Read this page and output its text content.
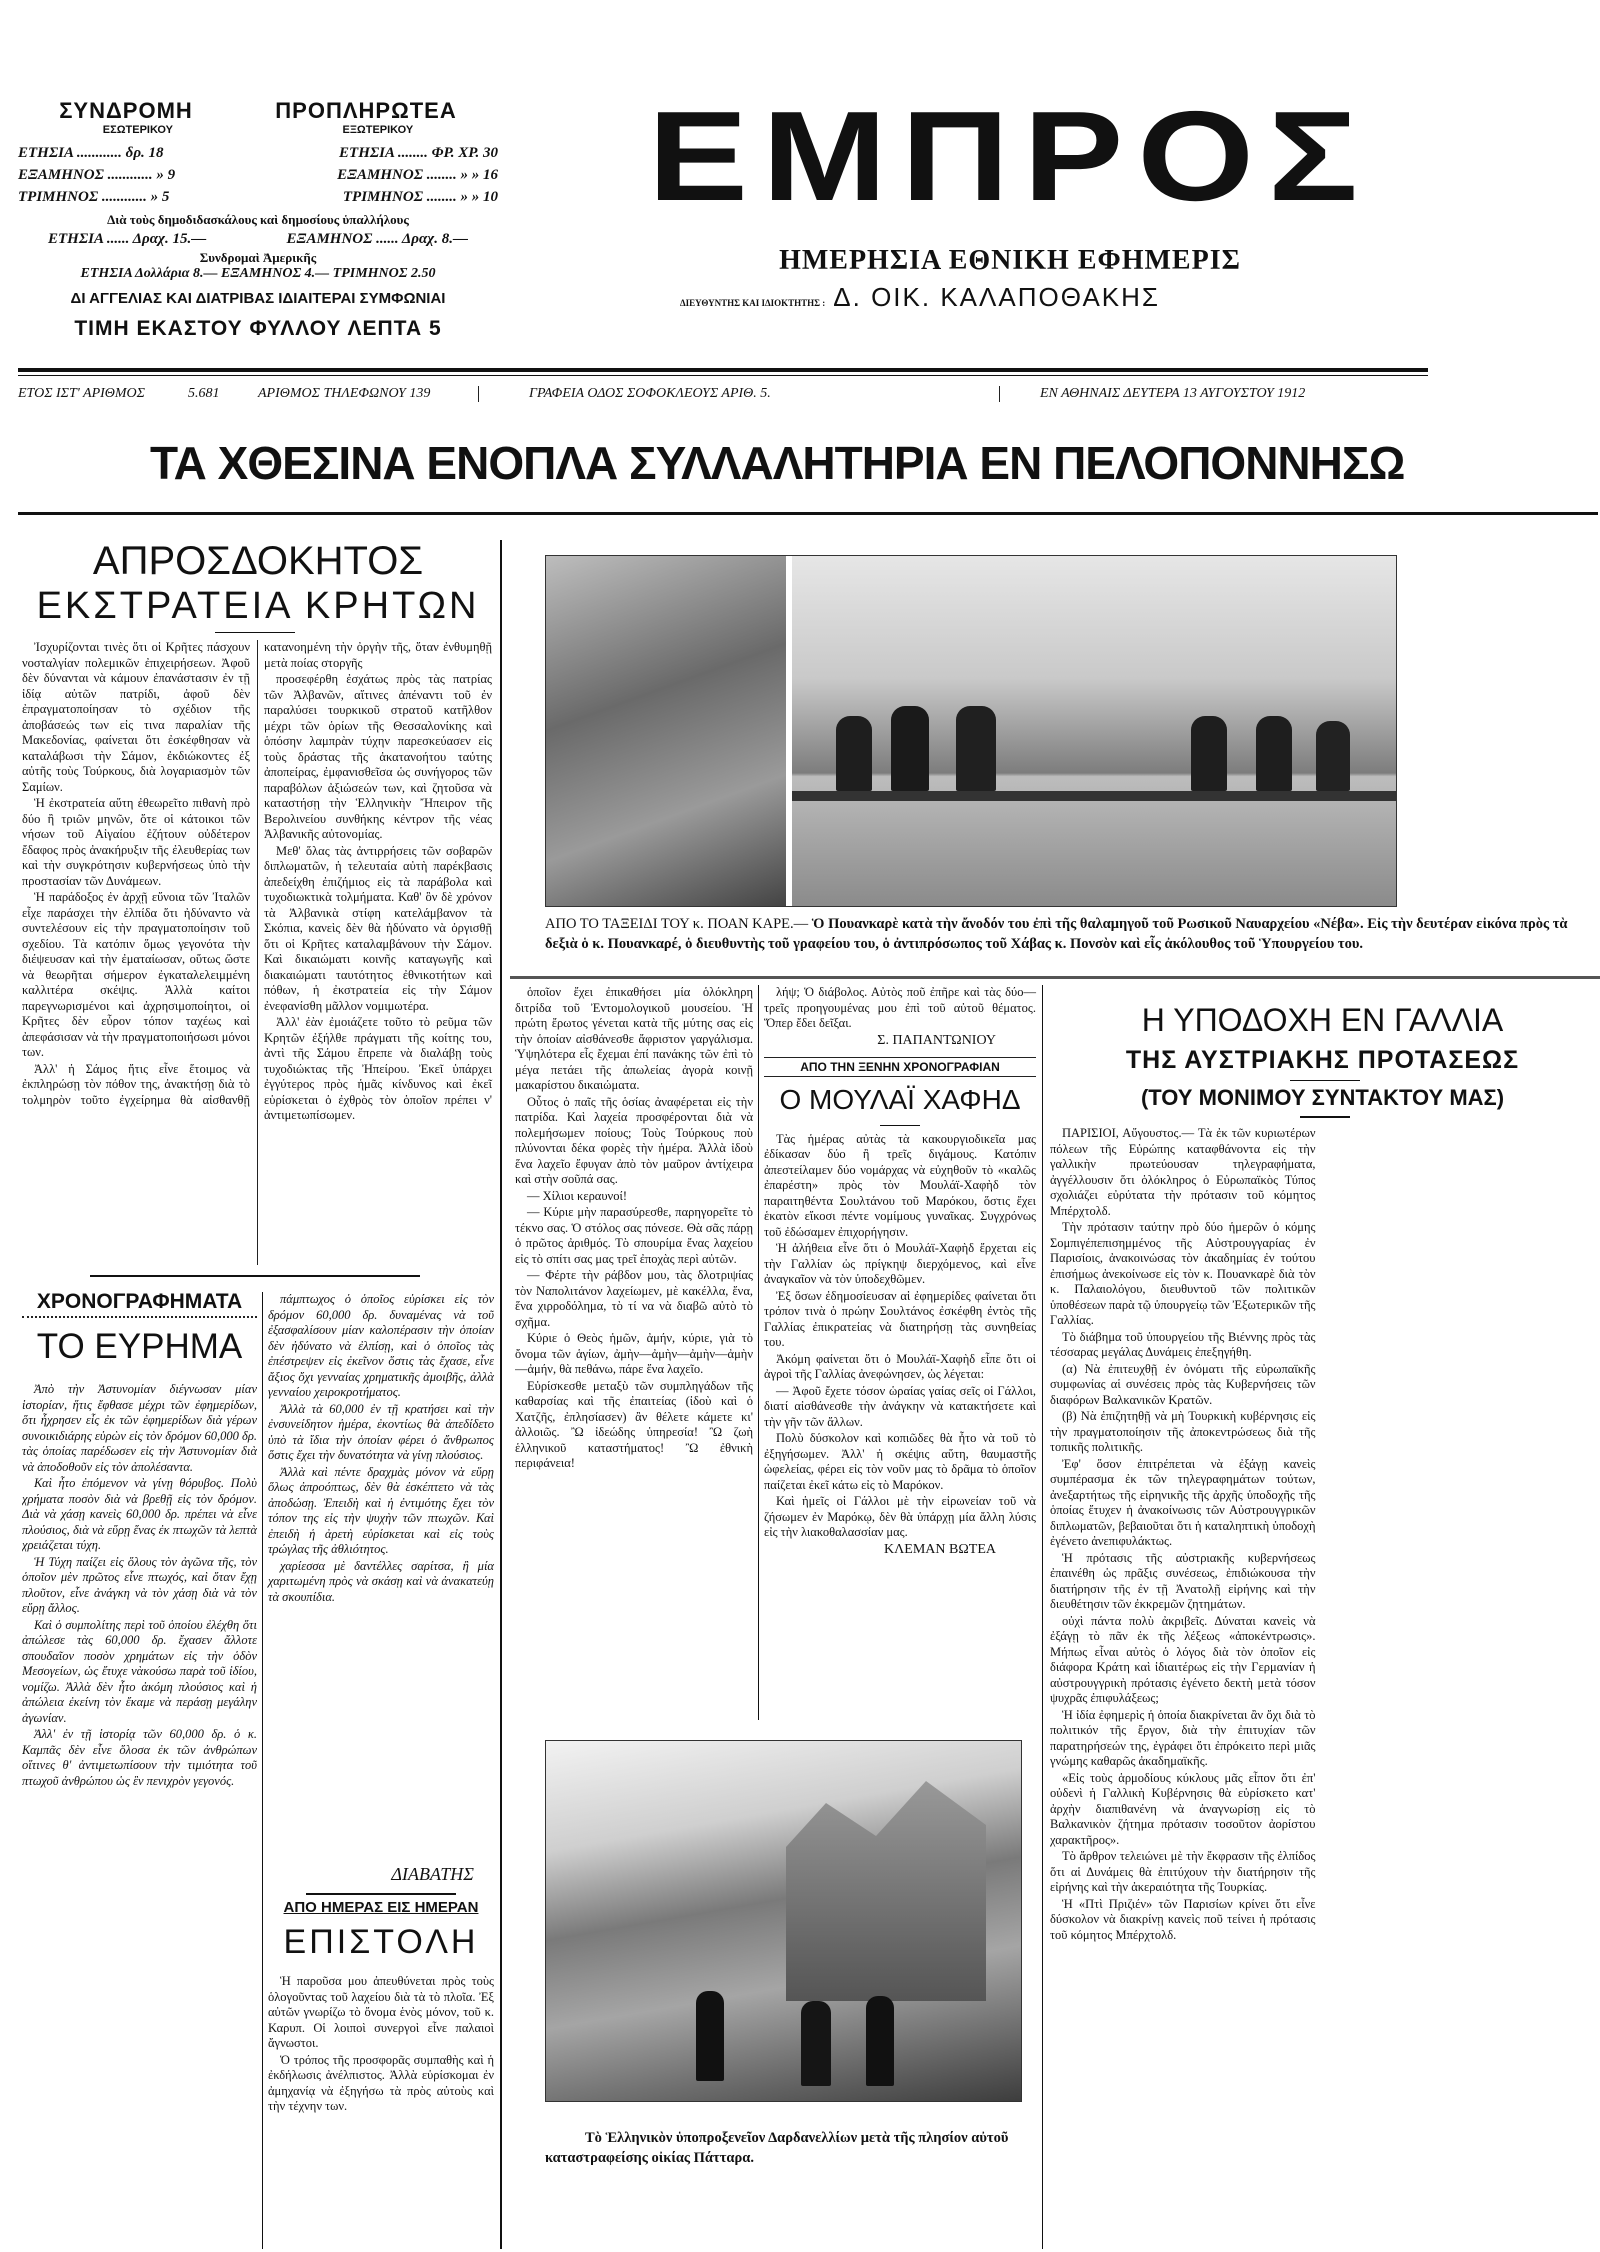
ΣΥΝΔΡΟΜΗ	ΠΡΟΠΛΗΡΩΤΕΑ
ΕΣΩΤΕΡΙΚΟΥ	ΕΞΩΤΕΡΙΚΟΥ
ΕΤΗΣΙΑ ............ δρ. 18	ΕΤΗΣΙΑ ........ ΦΡ. ΧΡ. 30
ΕΞΑΜΗΝΟΣ ............ » 9	ΕΞΑΜΗΝΟΣ ........ » » 16
ΤΡΙΜΗΝΟΣ ............ » 5	ΤΡΙΜΗΝΟΣ ........ » » 10
Διὰ τοὺς δημοδιδασκάλους καὶ δημοσίους ὑπαλλήλους
ΕΤΗΣΙΑ ...... Δραχ. 15.—	ΕΞΑΜΗΝΟΣ ...... Δραχ. 8.—
Συνδρομαὶ Ἀμερικῆς
ΕΤΗΣΙΑ Δολλάρια 8.— ΕΞΑΜΗΝΟΣ 4.— ΤΡΙΜΗΝΟΣ 2.50
ΔΙ ΑΓΓΕΛΙΑΣ ΚΑΙ ΔΙΑΤΡΙΒΑΣ ΙΔΙΑΙΤΕΡΑΙ ΣΥΜΦΩΝΙΑΙ
ΤΙΜΗ ΕΚΑΣΤΟΥ ΦΥΛΛΟΥ ΛΕΠΤΑ 5
ΕΜΠΡΟΣ
ΗΜΕΡΗΣΙΑ ΕΘΝΙΚΗ ΕΦΗΜΕΡΙΣ
ΔΙΕΥΘΥΝΤΗΣ ΚΑΙ ΙΔΙΟΚΤΗΤΗΣ : Δ. ΟΙΚ. ΚΑΛΑΠΟΘΑΚΗΣ
ΕΤΟΣ ΙΣΤ' ΑΡΙΘΜΟΣ	5.681	ΑΡΙΘΜΟΣ ΤΗΛΕΦΩΝΟΥ 139	ΓΡΑΦΕΙΑ ΟΔΟΣ ΣΟΦΟΚΛΕΟΥΣ ΑΡΙΘ. 5.	ΕΝ ΑΘΗΝΑΙΣ ΔΕΥΤΕΡΑ 13 ΑΥΓΟΥΣΤΟΥ 1912
ΤΑ ΧΘΕΣΙΝΑ ΕΝΟΠΛΑ ΣΥΛΛΑΛΗΤΗΡΙΑ ΕΝ ΠΕΛΟΠΟΝΝΗΣΩ
ΑΠΡΟΣΔΟΚΗΤΟΣ
ΕΚΣΤΡΑΤΕΙΑ ΚΡΗΤΩΝ

Ἰσχυρίζονται τινὲς ὅτι οἱ Κρῆτες πάσχουν νοσταλγίαν πολεμικῶν ἐπιχειρήσεων. Ἀφοῦ δὲν δύνανται νὰ κάμουν ἐπανάστασιν ἐν τῇ ἰδίᾳ αὐτῶν πατρίδι, ἀφοῦ δὲν ἐπραγματοποίησαν τὸ σχέδιον τῆς ἀποβάσεώς των εἰς τινα παραλίαν τῆς Μακεδονίας, φαίνεται ὅτι ἐσκέφθησαν νὰ καταλάβωσι τὴν Σάμον, ἐκδιώκοντες ἐξ αὐτῆς τοὺς Τούρκους, διὰ λογαριασμὸν τῶν Σαμίων.

Ἡ ἐκστρατεία αὕτη ἐθεωρεῖτο πιθανὴ πρὸ δύο ἢ τριῶν μηνῶν, ὅτε οἱ κάτοικοι τῶν νήσων τοῦ Αἰγαίου ἐζήτουν οὐδέτερον ἔδαφος πρὸς ἀνακήρυξιν τῆς ἐλευθερίας των καὶ τὴν συγκρότησιν κυβερνήσεως ὑπὸ τὴν προστασίαν τῶν Δυνάμεων.

Ἡ παράδοξος ἐν ἀρχῇ εὔνοια τῶν Ἰταλῶν εἶχε παράσχει τὴν ἐλπίδα ὅτι ἠδύναντο νὰ συντελέσουν εἰς τὴν πραγματοποίησιν τοῦ σχεδίου. Τὰ κατόπιν ὅμως γεγονότα τὴν διέψευσαν καὶ τὴν ἐματαίωσαν, οὕτως ὥστε νὰ θεωρῆται σήμερον ἐγκαταλελειμμένη καλλιτέρα σκέψις. Ἀλλὰ καίτοι παρεγνωρισμένοι καὶ ἀχρησιμοποίητοι, οἱ Κρῆτες δὲν εὗρον τόπον ταχέως καὶ ἀπεφάσισαν νὰ τὴν πραγματοποιήσωσι μόνοι των.

Ἀλλ' ἡ Σάμος ἤτις εἶνε ἕτοιμος νὰ ἐκπληρώσῃ τὸν πόθον της, ἀνακτήσῃ διὰ τὸ τολμηρὸν τοῦτο ἐγχείρημα θὰ αἰσθανθῇ κατανοημένη τὴν ὀργὴν τῆς, ὅταν ἐνθυμηθῇ μετὰ ποίας στοργῆς

προσεφέρθη ἐσχάτως πρὸς τὰς πατρίας τῶν Ἀλβανῶν, αἵτινες ἀπέναντι τοῦ ἐν παραλύσει τουρκικοῦ στρατοῦ κατῆλθον μέχρι τῶν ὁρίων τῆς Θεσσαλονίκης καὶ ὁπόσην λαμπρὰν τύχην παρεσκεύασεν εἰς τοὺς δράστας τῆς ἀκατανοήτου ταύτης ἀποπείρας, ἐμφανισθεῖσα ὡς συνήγορος τῶν παραβόλων ἀξιώσεών των, καὶ ζητοῦσα νὰ καταστήσῃ τὴν Ἑλληνικὴν Ἤπειρον τῆς Βερολινείου συνθήκης κέντρον τῆς νέας Ἀλβανικῆς αὐτονομίας.

Μεθ' ὅλας τὰς ἀντιρρήσεις τῶν σοβαρῶν διπλωματῶν, ἡ τελευταία αὐτὴ παρέκβασις ἀπεδείχθη ἐπιζήμιος εἰς τὰ παράβολα καὶ τυχοδιωκτικὰ τολμήματα. Καθ' ὃν δὲ χρόνον τὰ Ἀλβανικὰ στίφη κατελάμβανον τὰ Σκόπια, κανεὶς δὲν θὰ ἠδύνατο νὰ ὀργισθῇ ὅτι οἱ Κρῆτες καταλαμβάνουν τὴν Σάμον. Καὶ δικαιώματι κοινῆς καταγωγῆς καὶ διακαιώματι ταυτότητος ἐθνικοτήτων καὶ πόθων, ἡ ἐκστρατεία εἰς τὴν Σάμον ἐνεφανίσθη μᾶλλον νομιμωτέρα.

Ἀλλ' ἐὰν ἐμοιάζετε τοῦτο τὸ ρεῦμα τῶν Κρητῶν ἐξήλθε πράγματι τῆς κοίτης του, ἀντὶ τῆς Σάμου ἔπρεπε νὰ διαλάβῃ τοὺς τυχοδιώκτας τῆς Ἠπείρου. Ἐκεῖ ὑπάρχει ἐγγύτερος πρὸς ἡμᾶς κίνδυνος καὶ ἐκεῖ εὑρίσκεται ὁ ἐχθρὸς τὸν ὁποῖον πρέπει ν' ἀντιμετωπίσωμεν.

ΧΡΟΝΟΓΡΑΦΗΜΑΤΑ
ΤΟ ΕΥΡΗΜΑ

Ἀπὸ τὴν Ἀστυνομίαν διέγνωσαν μίαν ἱστορίαν, ἥτις ἔφθασε μέχρι τῶν ἐφημερίδων, ὅτι ἦχρησεν εἷς ἐκ τῶν ἐφημερίδων διὰ γέρων συνοικιδιάρης εὑρὼν εἰς τὸν δρόμον 60,000 δρ. τὰς ὁποίας παρέδωσεν εἰς τὴν Ἀστυνομίαν διὰ νὰ ἀποδοθοῦν εἰς τὸν ἀπολέσαντα.

Καὶ ἦτο ἐπόμενον νὰ γίνῃ θόρυβος. Πολὺ χρήματα ποσὸν διὰ νὰ βρεθῇ εἰς τὸν δρόμον. Διὰ νὰ χάσῃ κανεὶς 60,000 δρ. πρέπει νὰ εἶνε πλούσιος, διὰ νὰ εὕρῃ ἕνας ἐκ πτωχῶν τὰ λεπτὰ χρειάζεται τύχη.

Ἡ Τύχη παίζει εἰς ὅλους τὸν ἀγῶνα τῆς, τὸν ὁποῖον μὲν πρῶτος εἶνε πτωχός, καὶ ὅταν ἔχῃ πλοῦτον, εἶνε ἀνάγκη νὰ τὸν χάσῃ διὰ νὰ τὸν εὕρῃ ἄλλος.

Καὶ ὁ συμπολίτης περὶ τοῦ ὁποίου ἐλέχθη ὅτι ἀπώλεσε τὰς 60,000 δρ. ἔχασεν ἄλλοτε σπουδαῖον ποσὸν χρημάτων εἰς τὴν ὁδὸν Μεσογείων, ὡς ἔτυχε νὰκούσω παρὰ τοῦ ἰδίου, νομίζω. Ἀλλὰ δὲν ἦτο ἀκόμη πλούσιος καὶ ἡ ἀπώλεια ἐκείνη τὸν ἔκαμε νὰ περάσῃ μεγάλην ἀγωνίαν.

Ἀλλ' ἐν τῇ ἱστορίᾳ τῶν 60,000 δρ. ὁ κ. Καμπᾶς δὲν εἶνε ὅλοσα ἐκ τῶν ἀνθρώπων οἵτινες θ' ἀντιμετωπίσουν τὴν τιμιότητα τοῦ πτωχοῦ ἀνθρώπου ὡς ἓν πενιχρὸν γεγονός.

πάμπτωχος ὁ ὁποῖος εὑρίσκει εἰς τὸν δρόμον 60,000 δρ. δυναμένας νὰ τοῦ ἐξασφαλίσουν μίαν καλοπέρασιν τὴν ὁποίαν δὲν ἠδύνατο νὰ ἐλπίσῃ, καὶ ὁ ὁποῖος τὰς ἐπέστρεψεν εἰς ἐκεῖνον ὅστις τὰς ἔχασε, εἶνε ἄξιος ὄχι γενναίας χρηματικῆς ἀμοιβῆς, ἀλλὰ γενναίου χειροκροτήματος.

Ἀλλὰ τὰ 60,000 ἐν τῇ κρατήσει καὶ τὴν ἐνσυνείδητον ἡμέρα, ἐκοντίως θὰ ἀπεδίδετο ὑπὸ τὰ ἴδια τὴν ὁποίαν φέρει ὁ ἄνθρωπος ὅστις ἔχει τὴν δυνατότητα νὰ γίνῃ πλούσιος.

Ἀλλὰ καὶ πέντε δραχμὰς μόνον νὰ εὕρῃ ὅλως ἀπροόπτως, δὲν θὰ ἐσκέπτετο νὰ τὰς ἀποδώσῃ. Ἐπειδὴ καὶ ἡ ἐντιμότης ἔχει τὸν τόπον της εἰς τὴν ψυχὴν τῶν πτωχῶν. Καὶ ἐπειδὴ ἡ ἀρετὴ εὑρίσκεται καὶ εἰς τοὺς τρώγλας τῆς ἀθλιότητος.

χαρίεσσα μὲ δαντέλλες σαρίτσα, ἢ μία χαριτωμένη πρὸς νὰ σκάσῃ καὶ νὰ ἀνακατεύῃ τὰ σκουπίδια.

ΔΙΑΒΑΤΗΣ
ΑΠΟ ΗΜΕΡΑΣ ΕΙΣ ΗΜΕΡΑΝ
ΕΠΙΣΤΟΛΗ

Ἡ παροῦσα μου ἀπευθύνεται πρὸς τοὺς ὁλογοῦντας τοῦ λαχείου διὰ τὰ τὸ πλοῖα. Ἐξ αὐτῶν γνωρίζω τὸ ὄνομα ἑνὸς μόνον, τοῦ κ. Καρυπ. Οἱ λοιποὶ συνεργοὶ εἶνε παλαιοὶ ἄγνωστοι.

Ὁ τρόπος τῆς προσφορᾶς συμπαθὴς καὶ ἡ ἐκδήλωσις ἀνέλπιστος. Ἀλλὰ εὑρίσκομαι ἐν ἀμηχανίᾳ νὰ ἐξηγήσω τὰ πρὸς αὐτοὺς καὶ τὴν τέχνην των.

ΑΠΟ ΤΟ ΤΑΞΕΙΔΙ ΤΟΥ κ. ΠΟΑΝ ΚΑΡΕ.— Ὁ Πουανκαρὲ κατὰ τὴν ἄνοδόν του ἐπὶ τῆς θαλαμηγοῦ τοῦ Ρωσικοῦ Ναυαρχείου «Νέβα». Εἰς τὴν δευτέραν εἰκόνα πρὸς τὰ δεξιὰ ὁ κ. Πουανκαρέ, ὁ διευθυντὴς τοῦ γραφείου του, ὁ ἀντιπρόσωπος τοῦ Χάβας κ. Πονσὸν καὶ εἷς ἀκόλουθος τοῦ Ὑπουργείου του.

ὁποῖον ἔχει ἐπικαθήσει μία ὁλόκληρη διτρίδα τοῦ Ἐντομολογικοῦ μουσείου. Ἡ πρώτη ἔρωτος γένεται κατὰ τῆς μύτης σας εἰς τὴν ὁποίαν αἰσθάνεσθε ἄφριστον γαργάλισμα. Ὑψηλότερα εἷς ἔχεμαι ἐπί πανάκης τῶν ἐπὶ τὸ μέγα πετάει τῆς ἀπωλείας ἀγορὰ κοινῇ μακαρίστου δικαιώματα.

Οὗτος ὁ παῖς τῆς ὁσίας ἀναφέρεται εἰς τὴν πατρίδα. Καὶ λαχεία προσφέρονται διὰ νὰ πολεμήσωμεν ποίους; Τοὺς Τούρκους ποὺ πλύνονται δέκα φορὲς τὴν ἡμέρα. Ἀλλὰ ἰδοὺ ἕνα λαχεῖο ἔφυγαν ἀπὸ τὸν μαῦρον ἀντίχειρα καὶ στὴν σοῦπά σας.

— Χίλιοι κεραυνοί!

— Κύριε μὴν παρασύρεσθε, παρηγορεῖτε τὸ τέκνο σας. Ὁ στόλος σας πόνεσε. Θὰ σᾶς πάρῃ ὁ πρῶτος ἀριθμός. Τὸ σπουρίμα ἔνας λαχείου εἰς τὸ σπίτι σας μας τρεῖ ἐποχὰς περὶ αὐτῶν.

— Φέρτε τὴν ράβδον μου, τὰς δλοτριψίας τὸν Ναπολιτάνον λαχείωμεν, μὲ κακέλλα, ἕνα, ἕνα χιρροδόλημα, τὸ τί να νὰ διαβῶ αὐτὸ τὸ σχῆμα.

Κύριε ὁ Θεὸς ἡμῶν, ἀμήν, κύριε, γιὰ τὸ ὄνομα τῶν ἁγίων, ἀμὴν—ἀμὴν—ἀμὴν—ἀμὴν —ἀμήν, θὰ πεθάνω, πάρε ἕνα λαχεῖο.

Εὑρίσκεσθε μεταξὺ τῶν συμπληγάδων τῆς καθαρσίας καὶ τῆς ἐπαιτείας (ἰδοὺ καὶ ὁ Χατζῆς, ἐπλησίασεν) ἂν θέλετε κάμετε κι' ἀλλοιῶς. Ὢ ἰδεώδης ὑπηρεσία! Ὢ ζωὴ ἑλληνικοῦ καταστήματος! Ὢ ἐθνικὴ περιφάνεια!

λήψ; Ὁ διάβολος. Αὐτὸς ποῦ ἐπῆρε καὶ τὰς δύο—τρεῖς προηγουμένας μου ἐπὶ τοῦ αὐτοῦ θέματος. Ὅπερ ἔδει δεῖξαι.

Σ. ΠΑΠΑΝΤΩΝΙΟΥ
ΑΠΟ ΤΗΝ ΞΕΝΗΝ ΧΡΟΝΟΓΡΑΦΙΑΝ
Ο ΜΟΥΛΑΪ ΧΑΦΗΔ

Τὰς ἡμέρας αὐτὰς τὰ κακουργιοδικεῖα μας ἐδίκασαν δύο ἢ τρεῖς διγάμους. Κατόπιν ἀπεστείλαμεν δύο νομάρχας νὰ εὐχηθοῦν τὸ «καλῶς ἐπαρέστη» πρὸς τὸν Μουλάϊ-Χαφὴδ τὸν παραιτηθέντα Σουλτάνου τοῦ Μαρόκου, ὅστις ἔχει ἑκατὸν εἴκοσι πέντε νομίμους γυναῖκας. Συγχρόνως τοῦ ἐδώσαμεν ἐπιχορήγησιν.

Ἡ ἀλήθεια εἶνε ὅτι ὁ Μουλάϊ-Χαφὴδ ἔρχεται εἰς τὴν Γαλλίαν ὡς πρίγκηψ διερχόμενος, καὶ εἶνε ἀναγκαῖον νὰ τὸν ὑποδεχθῶμεν.

Ἐξ ὅσων ἐδημοσίευσαν αἱ ἐφημερίδες φαίνεται ὅτι τρόπον τινὰ ὁ πρώην Σουλτάνος ἐσκέφθη ἐντὸς τῆς Γαλλίας ἐπικρατείας νὰ διατηρήσῃ τὰς συνηθείας του.

Ἀκόμη φαίνεται ὅτι ὁ Μουλάϊ-Χαφὴδ εἶπε ὅτι οἱ ἀγροὶ τῆς Γαλλίας ἀνεφώνησεν, ὡς λέγεται:

— Ἀφοῦ ἔχετε τόσον ὡραίας γαίας σεῖς οἱ Γάλλοι, διατί αἰσθάνεσθε τὴν ἀνάγκην νὰ κατακτήσετε καὶ τὴν γῆν τῶν ἄλλων.

Πολὺ δύσκολον καὶ κοπιῶδες θὰ ἦτο νὰ τοῦ τὸ ἐξηγήσωμεν. Ἀλλ' ἡ σκέψις αὕτη, θαυμαστῆς ὠφελείας, φέρει εἰς τὸν νοῦν μας τὸ δρᾶμα τὸ ὁποῖον παίζεται ἐκεῖ κάτω εἰς τὸ Μαρόκον.

Καὶ ἡμεῖς οἱ Γάλλοι μὲ τὴν εἰρωνείαν τοῦ νὰ ζήσωμεν ἐν Μαρόκῳ, δὲν θὰ ὑπάρχῃ μία ἄλλη λύσις εἰς τὴν λιακοθαλασσίαν μας.

ΚΛΕΜΑΝ ΒΩΤΕΑ
Τὸ Ἑλληνικὸν ὑποπροξενεῖον Δαρδανελλίων μετὰ τῆς πλησίον αὐτοῦ καταστραφείσης οἰκίας Πάτταρα.
Η ΥΠΟΔΟΧΗ ΕΝ ΓΑΛΛΙΑ
ΤΗΣ ΑΥΣΤΡΙΑΚΗΣ ΠΡΟΤΑΣΕΩΣ
(ΤΟΥ ΜΟΝΙΜΟΥ ΣΥΝΤΑΚΤΟΥ ΜΑΣ)

ΠΑΡΙΣΙΟΙ, Αὔγουστος.— Τὰ ἐκ τῶν κυριωτέρων πόλεων τῆς Εὐρώπης καταφθάνοντα εἰς τὴν γαλλικὴν πρωτεύουσαν τηλεγραφήματα, ἀγγέλλουσιν ὅτι ὁλόκληρος ὁ Εὐρωπαϊκὸς Τύπος σχολιάζει εὐρύτατα τὴν πρότασιν τοῦ κόμητος Μπέρχτολδ.

Τὴν πρότασιν ταύτην πρὸ δύο ἡμερῶν ὁ κόμης Σομπιγέπεπισημμένος τῆς Αὐστρουγγαρίας ἐν Παρισίοις, ἀνακοινώσας τὸν ἀκαδημίας ἐν τούτου ἐπισήμως ἀνεκοίνωσε εἰς τὸν κ. Πουανκαρὲ διὰ τὸν κ. Παλαιολόγου, διευθυντοῦ τῶν πολιτικῶν ὑποθέσεων παρὰ τῷ ὑπουργείῳ τῶν Ἐξωτερικῶν τῆς Γαλλίας.

Τὸ διάβημα τοῦ ὑπουργείου τῆς Βιέννης πρὸς τὰς τέσσαρας μεγάλας Δυνάμεις ἐπεξηγήθη.

(α) Νὰ ἐπιτευχθῇ ἐν ὀνόματι τῆς εὐρωπαϊκῆς συμφωνίας αἱ συνέσεις πρὸς τὰς Κυβερνήσεις τῶν διαφόρων Βαλκανικῶν Κρατῶν.

(β) Νὰ ἐπιζητηθῇ νὰ μὴ Τουρκικὴ κυβέρνησις εἰς τὴν πραγματοποίησιν τῆς ἀποκεντρώσεως διὰ τῆς τοπικῆς πολιτικῆς.

Ἐφ' ὅσον ἐπιτρέπεται νὰ ἐξάγῃ κανεὶς συμπέρασμα ἐκ τῶν τηλεγραφημάτων τούτων, ἀνεξαρτήτως τῆς εἰρηνικῆς τῆς ἀρχῆς ὑποδοχῆς τῆς ὁποίας ἔτυχεν ἡ ἀνακοίνωσις τῶν Αὐστρουγγρικῶν διπλωματῶν, βεβαιοῦται ὅτι ἡ καταληπτικὴ ὑποδοχὴ ἐγένετο ἀνεπιφυλάκτως.

Ἡ πρότασις τῆς αὐστριακῆς κυβερνήσεως ἐπαινέθη ὡς πρᾶξις συνέσεως, ἐπιδιώκουσα τὴν διατήρησιν τῆς ἐν τῇ Ἀνατολῇ εἰρήνης καὶ τὴν διευθέτησιν τῶν ἐκκρεμῶν ζητημάτων.

οὐχὶ πάντα πολὺ ἀκριβεῖς. Δύναται κανεὶς νὰ ἐξάγῃ τὸ πᾶν ἐκ τῆς λέξεως «ἀποκέντρωσις». Μήπως εἶναι αὐτὸς ὁ λόγος διὰ τὸν ὁποῖον εἰς διάφορα Κράτη καὶ ἰδιαιτέρως εἰς τὴν Γερμανίαν ἡ αὐστρουγγρικὴ πρότασις ἐγένετο δεκτὴ μετὰ τόσον ψυχρᾶς ἐπιφυλάξεως;

Ἡ ἰδία ἐφημερὶς ἡ ὁποία διακρίνεται ἂν ὄχι διὰ τὸ πολιτικόν τῆς ἔργον, διὰ τὴν ἐπιτυχίαν τῶν παρατηρήσεών της, ἐγράφει ὅτι ἐπρόκειτο περὶ μιᾶς γνώμης καθαρῶς ἀκαδημαϊκῆς.

«Εἰς τοὺς ἁρμοδίους κύκλους μᾶς εἶπον ὅτι ἐπ' οὐδενὶ ἡ Γαλλικὴ Κυβέρνησις θὰ εὑρίσκετο κατ' ἀρχὴν διαπιθανένη νὰ ἀναγνωρίσῃ εἰς τὸ Βαλκανικὸν ζήτημα πρότασιν τοσοῦτον ἀορίστου χαρακτῆρος».

Τὸ ἄρθρον τελειώνει μὲ τὴν ἔκφρασιν τῆς ἐλπίδος ὅτι αἱ Δυνάμεις θὰ ἐπιτύχουν τὴν διατήρησιν τῆς εἰρήνης καὶ τὴν ἀκεραιότητα τῆς Τουρκίας.

Ἡ «Πτὶ Πριζιέν» τῶν Παρισίων κρίνει ὅτι εἶνε δύσκολον νὰ διακρίνῃ κανεὶς ποῦ τείνει ἡ πρότασις τοῦ κόμητος Μπέρχτολδ.
